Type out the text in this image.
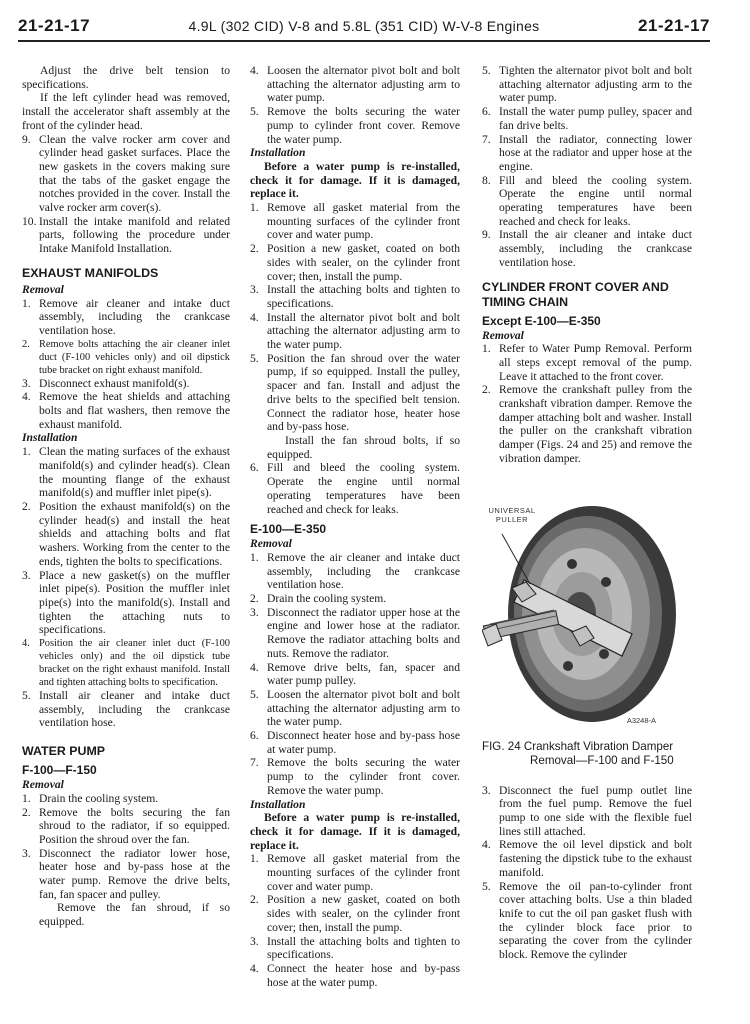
21-21-17	4.9L (302 CID) V-8 and 5.8L (351 CID) W-V-8 Engines	21-21-17

Adjust the drive belt tension to specifications.

If the left cylinder head was removed, install the accelerator shaft assembly at the front of the cylinder head.

9. Clean the valve rocker arm cover and cylinder head gasket surfaces. Place the new gaskets in the covers making sure that the tabs of the gasket engage the notches provided in the cover. Install the valve rocker arm cover(s).
10. Install the intake manifold and related parts, following the procedure under Intake Manifold Installation.
EXHAUST MANIFOLDS
Removal
1. Remove air cleaner and intake duct assembly, including the crankcase ventilation hose.
2. Remove bolts attaching the air cleaner inlet duct (F-100 vehicles only) and oil dipstick tube bracket on right exhaust manifold.
3. Disconnect exhaust manifold(s).
4. Remove the heat shields and attaching bolts and flat washers, then remove the exhaust manifold.
Installation
1. Clean the mating surfaces of the exhaust manifold(s) and cylinder head(s). Clean the mounting flange of the exhaust manifold(s) and muffler inlet pipe(s).
2. Position the exhaust manifold(s) on the cylinder head(s) and install the heat shields and attaching bolts and flat washers. Working from the center to the ends, tighten the bolts to specifications.
3. Place a new gasket(s) on the muffler inlet pipe(s). Position the muffler inlet pipe(s) into the manifold(s). Install and tighten the attaching nuts to specifications.
4. Position the air cleaner inlet duct (F-100 vehicles only) and the oil dipstick tube bracket on the right exhaust manifold. Install and tighten attaching bolts to specification.
5. Install air cleaner and intake duct assembly, including the crankcase ventilation hose.
WATER PUMP
F-100—F-150
Removal
1. Drain the cooling system.
2. Remove the bolts securing the fan shroud to the radiator, if so equipped. Position the shroud over the fan.
3. Disconnect the radiator lower hose, heater hose and by-pass hose at the water pump. Remove the drive belts, fan, fan spacer and pulley.

Remove the fan shroud, if so equipped.

4. Loosen the alternator pivot bolt and bolt attaching the alternator adjusting arm to water pump.
5. Remove the bolts securing the water pump to cylinder front cover. Remove the water pump.
Installation

Before a water pump is re-installed, check it for damage. If it is damaged, replace it.

1. Remove all gasket material from the mounting surfaces of the cylinder front cover and water pump.
2. Position a new gasket, coated on both sides with sealer, on the cylinder front cover; then, install the pump.
3. Install the attaching bolts and tighten to specifications.
4. Install the alternator pivot bolt and bolt attaching the alternator adjusting arm to the water pump.
5. Position the fan shroud over the water pump, if so equipped. Install the pulley, spacer and fan. Install and adjust the drive belts to the specified belt tension. Connect the radiator hose, heater hose and by-pass hose.

Install the fan shroud bolts, if so equipped.

6. Fill and bleed the cooling system. Operate the engine until normal operating temperatures have been reached and check for leaks.
E-100—E-350
Removal
1. Remove the air cleaner and intake duct assembly, including the crankcase ventilation hose.
2. Drain the cooling system.
3. Disconnect the radiator upper hose at the engine and lower hose at the radiator. Remove the radiator attaching bolts and nuts. Remove the radiator.
4. Remove drive belts, fan, spacer and water pump pulley.
5. Loosen the alternator pivot bolt and bolt attaching the alternator adjusting arm to the water pump.
6. Disconnect heater hose and by-pass hose at water pump.
7. Remove the bolts securing the water pump to the cylinder front cover. Remove the water pump.
Installation

Before a water pump is re-installed, check it for damage. If it is damaged, replace it.

1. Remove all gasket material from the mounting surfaces of the cylinder front cover and water pump.
2. Position a new gasket, coated on both sides with sealer, on the cylinder front cover; then, install the pump.
3. Install the attaching bolts and tighten to specifications.
4. Connect the heater hose and by-pass hose at the water pump.
5. Tighten the alternator pivot bolt and bolt attaching alternator adjusting arm to the water pump.
6. Install the water pump pulley, spacer and fan drive belts.
7. Install the radiator, connecting lower hose at the radiator and upper hose at the engine.
8. Fill and bleed the cooling system. Operate the engine until normal operating temperatures have been reached and check for leaks.
9. Install the air cleaner and intake duct assembly, including the crankcase ventilation hose.
CYLINDER FRONT COVER AND TIMING CHAIN
Except E-100—E-350
Removal
1. Refer to Water Pump Removal. Perform all steps except removal of the pump. Leave it attached to the front cover.
2. Remove the crankshaft pulley from the crankshaft vibration damper. Remove the damper attaching bolt and washer. Install the puller on the crankshaft vibration damper (Figs. 24 and 25) and remove the vibration damper.
UNIVERSAL PULLER
A3248-A
FIG. 24 Crankshaft Vibration Damper
Removal—F-100 and F-150
3. Disconnect the fuel pump outlet line from the fuel pump. Remove the fuel pump to one side with the flexible fuel lines still attached.
4. Remove the oil level dipstick and bolt fastening the dipstick tube to the exhaust manifold.
5. Remove the oil pan-to-cylinder front cover attaching bolts. Use a thin bladed knife to cut the oil pan gasket flush with the cylinder block face prior to separating the cover from the cylinder block. Remove the cylinder
